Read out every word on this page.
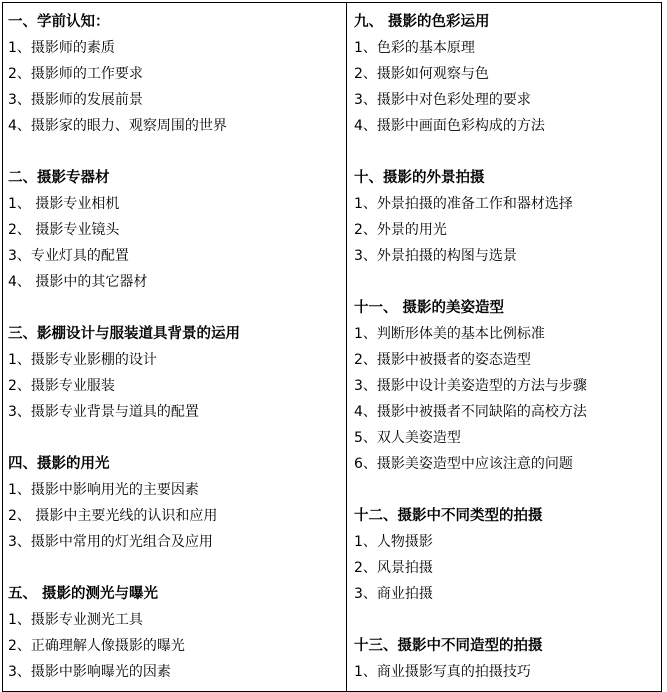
一、学前认知：
1、摄影师的素质
2、摄影师的工作要求
3、摄影师的发展前景
4、摄影家的眼力、观察周围的世界
二、摄影专器材
1、 摄影专业相机
2、 摄影专业镜头
3、专业灯具的配置
4、 摄影中的其它器材
三、影棚设计与服装道具背景的运用
1、摄影专业影棚的设计
2、摄影专业服装
3、摄影专业背景与道具的配置
四、摄影的用光
1、摄影中影响用光的主要因素
2、 摄影中主要光线的认识和应用
3、摄影中常用的灯光组合及应用
五、 摄影的测光与曝光
1、摄影专业测光工具
2、正确理解人像摄影的曝光
3、摄影中影响曝光的因素
九、 摄影的色彩运用
1、色彩的基本原理
2、摄影如何观察与色
3、摄影中对色彩处理的要求
4、摄影中画面色彩构成的方法
十、摄影的外景拍摄
1、外景拍摄的准备工作和器材选择
2、外景的用光
3、外景拍摄的构图与选景
十一、 摄影的美姿造型
1、判断形体美的基本比例标准
2、摄影中被摄者的姿态造型
3、摄影中设计美姿造型的方法与步骤
4、摄影中被摄者不同缺陷的高校方法
5、双人美姿造型
6、摄影美姿造型中应该注意的问题
十二、摄影中不同类型的拍摄
1、人物摄影
2、风景拍摄
3、商业拍摄
十三、摄影中不同造型的拍摄
1、商业摄影写真的拍摄技巧
